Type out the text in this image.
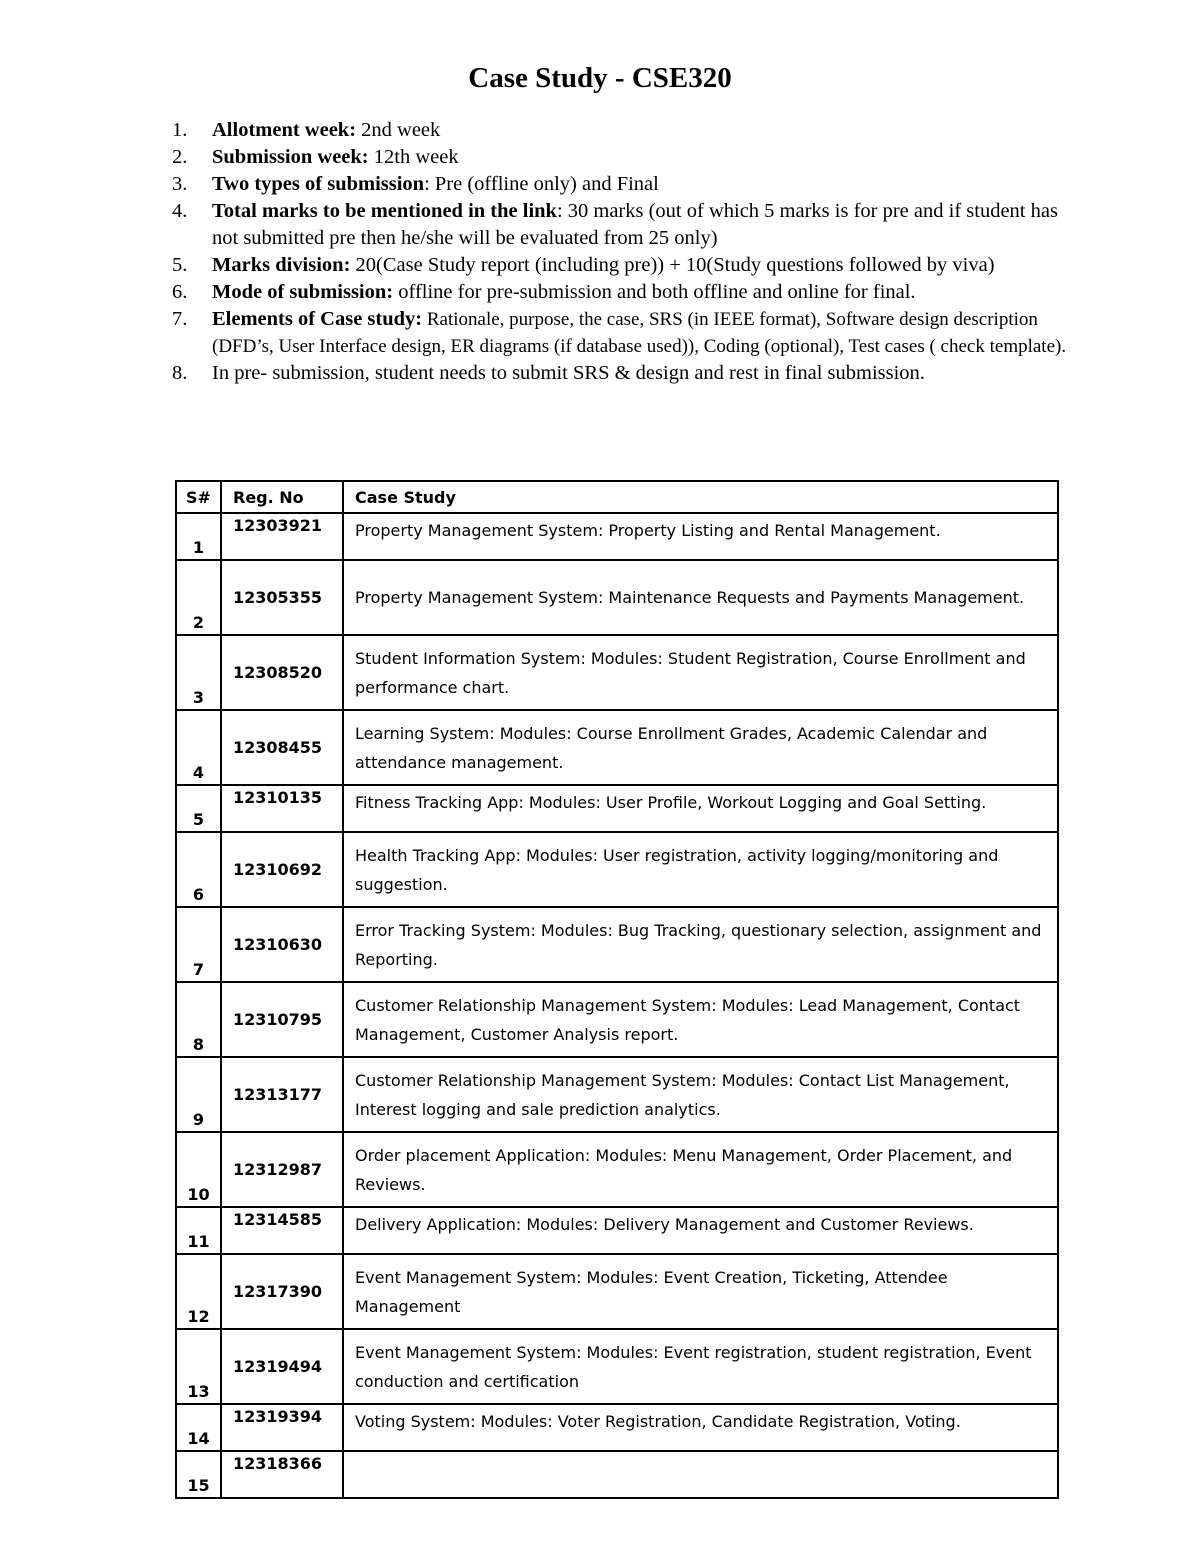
Case Study - CSE320
1.	Allotment week: 2nd week
2.	Submission week: 12th week
3.	Two types of submission: Pre (offline only) and Final
4.	Total marks to be mentioned in the link: 30 marks (out of which 5 marks is for pre and if student has not submitted pre then he/she will be evaluated from 25 only)
5.	Marks division: 20(Case Study report (including pre)) + 10(Study questions followed by viva)
6.	Mode of submission: offline for pre-submission and both offline and online for final.
7.	Elements of Case study: Rationale, purpose, the case, SRS (in IEEE format), Software design description (DFD’s, User Interface design, ER diagrams (if database used)), Coding (optional), Test cases ( check template).
8.	In pre- submission, student needs to submit SRS & design and rest in final submission.
S#	Reg. No	Case Study
1	12303921	Property Management System: Property Listing and Rental Management.
2	12305355	Property Management System: Maintenance Requests and Payments Management.
3	12308520	Student Information System: Modules: Student Registration, Course Enrollment and performance chart.
4	12308455	Learning System: Modules: Course Enrollment Grades, Academic Calendar and attendance management.
5	12310135	Fitness Tracking App: Modules: User Profile, Workout Logging and Goal Setting.
6	12310692	Health Tracking App: Modules: User registration, activity logging/monitoring and suggestion.
7	12310630	Error Tracking System: Modules: Bug Tracking, questionary selection, assignment and Reporting.
8	12310795	Customer Relationship Management System: Modules: Lead Management, Contact Management, Customer Analysis report.
9	12313177	Customer Relationship Management System: Modules: Contact List Management, Interest logging and sale prediction analytics.
10	12312987	Order placement Application: Modules: Menu Management, Order Placement, and Reviews.
11	12314585	Delivery Application: Modules: Delivery Management and Customer Reviews.
12	12317390	Event Management System: Modules: Event Creation, Ticketing, Attendee Management
13	12319494	Event Management System: Modules: Event registration, student registration, Event conduction and certification
14	12319394	Voting System: Modules: Voter Registration, Candidate Registration, Voting.
15	12318366	
